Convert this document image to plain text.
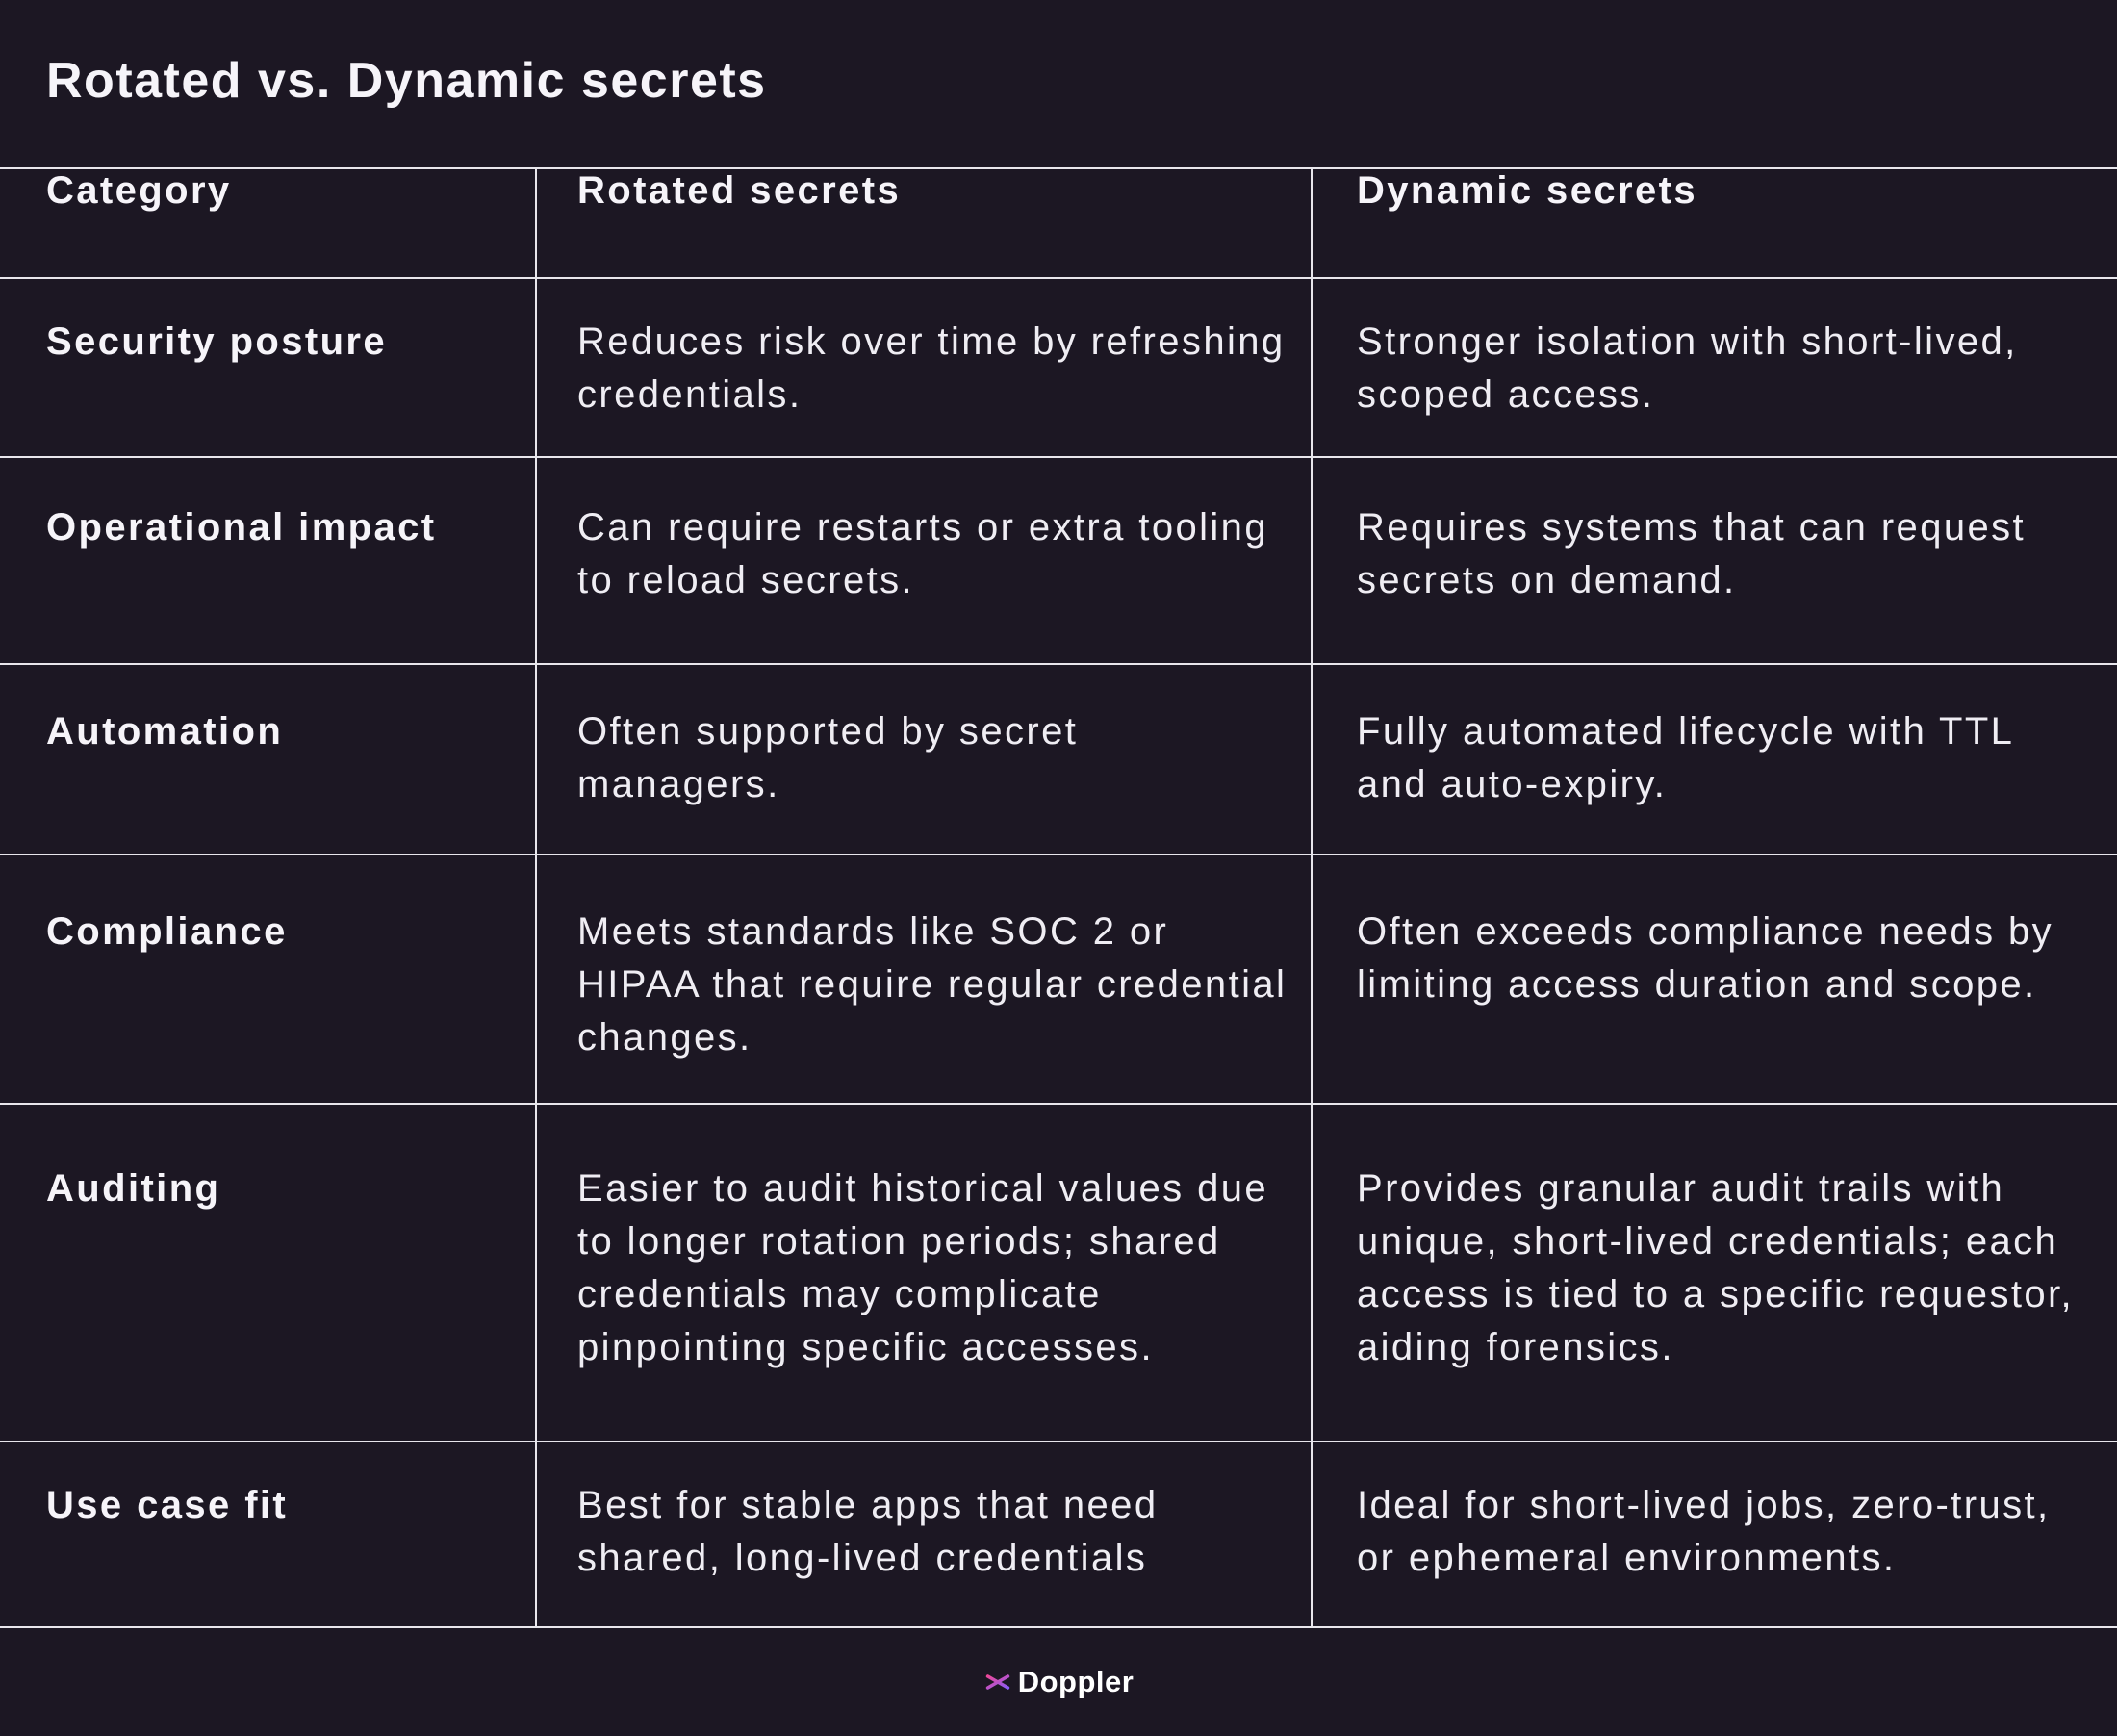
Rotated vs. Dynamic secrets
Category	Rotated secrets	Dynamic secrets
Security posture	Reduces risk over time by refreshing credentials.	Stronger isolation with short-lived, scoped access.
Operational impact	Can require restarts or extra tooling to reload secrets.	Requires systems that can request secrets on demand.
Automation	Often supported by secret managers.	Fully automated lifecycle with TTL and auto-expiry.
Compliance	Meets standards like SOC 2 or HIPAA that require regular credential changes.	Often exceeds compliance needs by limiting access duration and scope.
Auditing	Easier to audit historical values due to longer rotation periods; shared credentials may complicate pinpointing specific accesses.	Provides granular audit trails with unique, short-lived credentials; each access is tied to a specific requestor, aiding forensics.
Use case fit	Best for stable apps that need shared, long-lived credentials	Ideal for short-lived jobs, zero-trust, or ephemeral environments.
Doppler
